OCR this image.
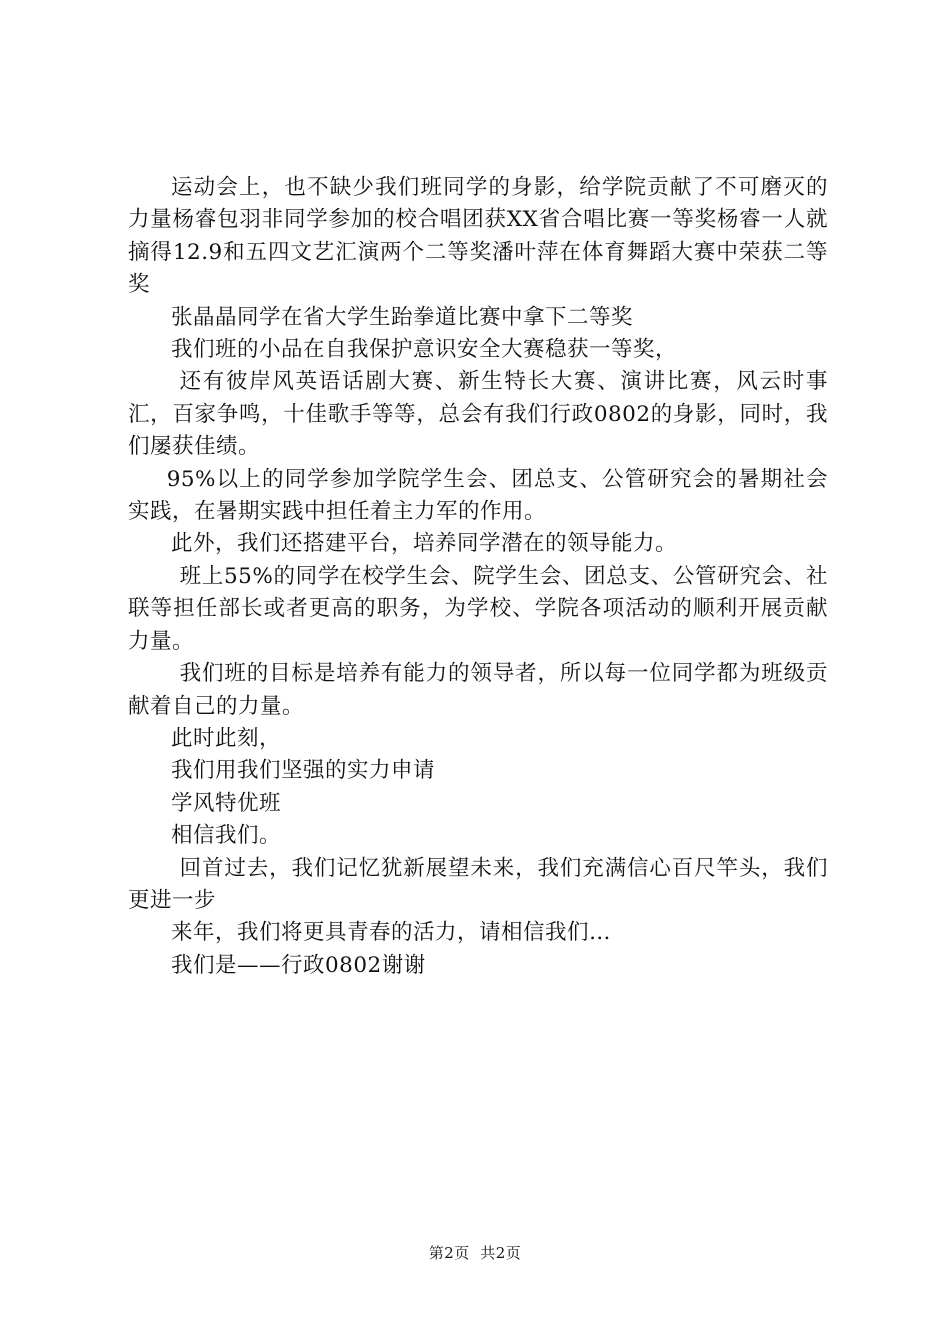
运动会上，也不缺少我们班同学的身影，给学院贡献了不可磨灭的力量杨睿包羽非同学参加的校合唱团获XX省合唱比赛一等奖杨睿一人就摘得12.9和五四文艺汇演两个二等奖潘叶萍在体育舞蹈大赛中荣获二等奖

张晶晶同学在省大学生跆拳道比赛中拿下二等奖

我们班的小品在自我保护意识安全大赛稳获一等奖，

还有彼岸风英语话剧大赛、新生特长大赛、演讲比赛，风云时事汇，百家争鸣，十佳歌手等等，总会有我们行政0802的身影，同时，我们屡获佳绩。

95%以上的同学参加学院学生会、团总支、公管研究会的暑期社会实践，在暑期实践中担任着主力军的作用。

此外，我们还搭建平台，培养同学潜在的领导能力。

班上55%的同学在校学生会、院学生会、团总支、公管研究会、社联等担任部长或者更高的职务，为学校、学院各项活动的顺利开展贡献力量。

我们班的目标是培养有能力的领导者，所以每一位同学都为班级贡献着自己的力量。

此时此刻，

我们用我们坚强的实力申请

学风特优班

相信我们。

回首过去，我们记忆犹新展望未来，我们充满信心百尺竿头，我们更进一步

来年，我们将更具青春的活力，请相信我们…

我们是——行政0802谢谢

第2页  共2页
